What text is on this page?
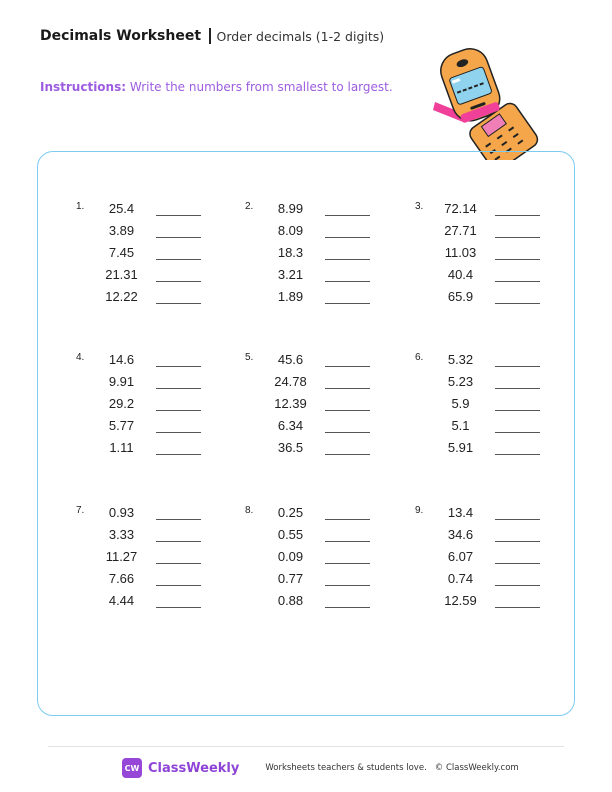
Decimals Worksheet Order decimals (1-2 digits)
Instructions: Write the numbers from smallest to largest.
1.	25.4
3.89
7.45
21.31
12.22
2.	8.99
8.09
18.3
3.21
1.89
3.	72.14
27.71
11.03
40.4
65.9
4.	14.6
9.91
29.2
5.77
1.11
5.	45.6
24.78
12.39
6.34
36.5
6.	5.32
5.23
5.9
5.1
5.91
7.	0.93
3.33
11.27
7.66
4.44
8.	0.25
0.55
0.09
0.77
0.88
9.	13.4
34.6
6.07
0.74
12.59
CW ClassWeekly	Worksheets teachers & students love. © ClassWeekly.com
